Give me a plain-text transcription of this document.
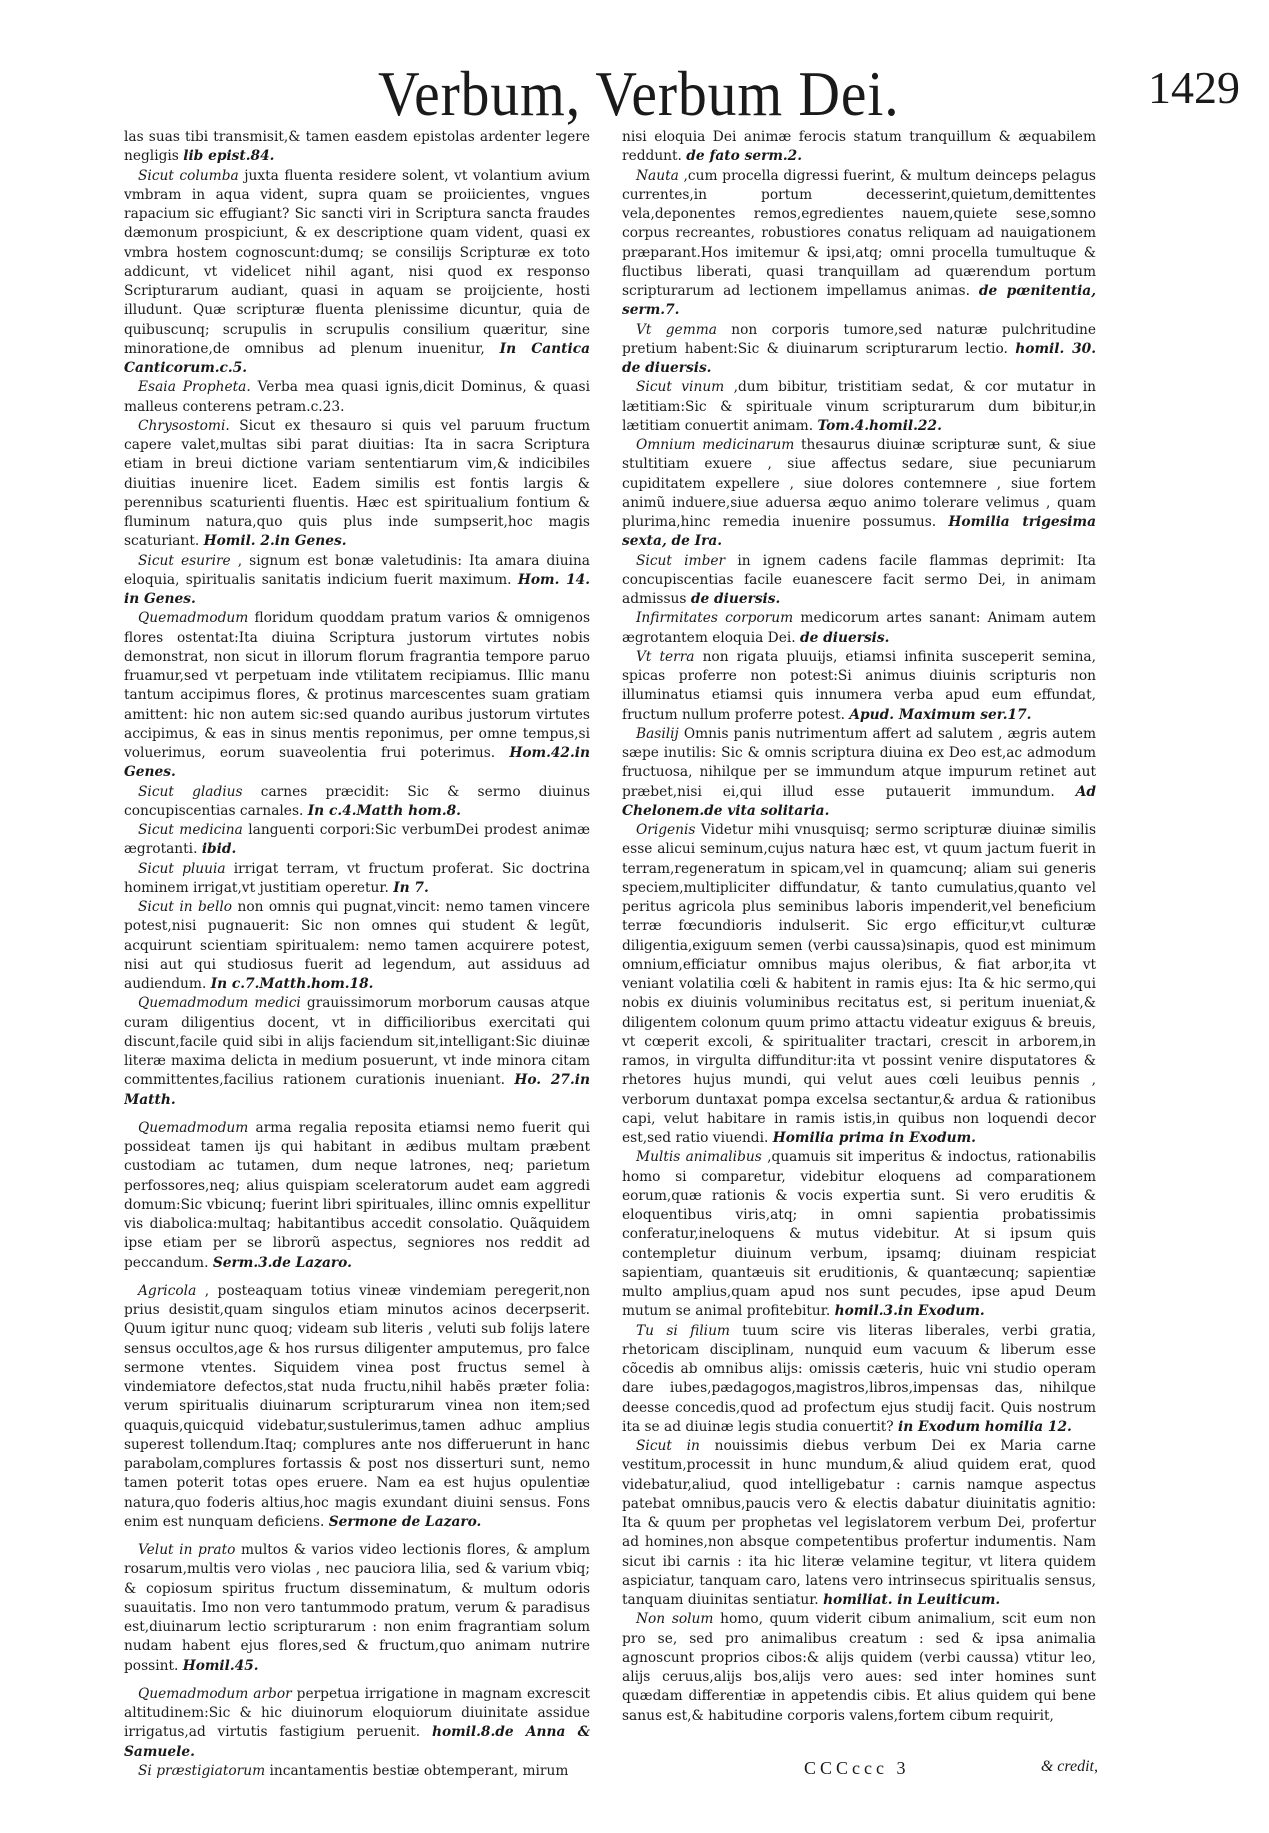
Verbum, Verbum Dei.	1429

las suas tibi transmisit,& tamen easdem epistolas ardenter legere negligis lib epist.84.

Sicut columba juxta fluenta residere solent, vt volantium avium vmbram in aqua vident, supra quam se proiicientes, vngues rapacium sic effugiant? Sic sancti viri in Scriptura sancta fraudes dæmonum prospiciunt, & ex descriptione quam vident, quasi ex vmbra hostem cognoscunt:dumq; se consilijs Scripturæ ex toto addicunt, vt videlicet nihil agant, nisi quod ex responso Scripturarum audiant, quasi in aquam se proijciente, hosti illudunt. Quæ scripturæ fluenta plenissime dicuntur, quia de quibuscunq; scrupulis in scrupulis consilium quæritur, sine minoratione,de omnibus ad plenum inuenitur, In Cantica Canticorum.c.5.

Esaia Propheta. Verba mea quasi ignis,dicit Dominus, & quasi malleus conterens petram.c.23.

Chrysostomi. Sicut ex thesauro si quis vel paruum fructum capere valet,multas sibi parat diuitias: Ita in sacra Scriptura etiam in breui dictione variam sententiarum vim,& indicibiles diuitias inuenire licet. Eadem similis est fontis largis & perennibus scaturienti fluentis. Hæc est spiritualium fontium & fluminum natura,quo quis plus inde sumpserit,hoc magis scaturiant. Homil. 2.in Genes.

Sicut esurire , signum est bonæ valetudinis: Ita amara diuina eloquia, spiritualis sanitatis indicium fuerit maximum. Hom. 14. in Genes.

Quemadmodum floridum quoddam pratum varios & omnigenos flores ostentat:Ita diuina Scriptura justorum virtutes nobis demonstrat, non sicut in illorum florum fragrantia tempore paruo fruamur,sed vt perpetuam inde vtilitatem recipiamus. Illic manu tantum accipimus flores, & protinus marcescentes suam gratiam amittent: hic non autem sic:sed quando auribus justorum virtutes accipimus, & eas in sinus mentis reponimus, per omne tempus,si voluerimus, eorum suaveolentia frui poterimus. Hom.42.in Genes.

Sicut gladius carnes præcidit: Sic & sermo diuinus concupiscentias carnales. In c.4.Matth hom.8.

Sicut medicina languenti corpori:Sic verbumDei prodest animæ ægrotanti. ibid.

Sicut pluuia irrigat terram, vt fructum proferat. Sic doctrina hominem irrigat,vt justitiam operetur. In 7.

Sicut in bello non omnis qui pugnat,vincit: nemo tamen vincere potest,nisi pugnauerit: Sic non omnes qui student & legũt, acquirunt scientiam spiritualem: nemo tamen acquirere potest, nisi aut qui studiosus fuerit ad legendum, aut assiduus ad audiendum. In c.7.Matth.hom.18.

Quemadmodum medici grauissimorum morborum causas atque curam diligentius docent, vt in difficilioribus exercitati qui discunt,facile quid sibi in alijs faciendum sit,intelligant:Sic diuinæ literæ maxima delicta in medium posuerunt, vt inde minora citam committentes,facilius rationem curationis inueniant. Ho. 27.in Matth.

Quemadmodum arma regalia reposita etiamsi nemo fuerit qui possideat tamen ijs qui habitant in ædibus multam præbent custodiam ac tutamen, dum neque latrones, neq; parietum perfossores,neq; alius quispiam sceleratorum audet eam aggredi domum:Sic vbicunq; fuerint libri spirituales, illinc omnis expellitur vis diabolica:multaq; habitantibus accedit consolatio. Quãquidem ipse etiam per se librorũ aspectus, segniores nos reddit ad peccandum. Serm.3.de Lazaro.

Agricola , posteaquam totius vineæ vindemiam peregerit,non prius desistit,quam singulos etiam minutos acinos decerpserit. Quum igitur nunc quoq; videam sub literis , veluti sub folijs latere sensus occultos,age & hos rursus diligenter amputemus, pro falce sermone vtentes. Siquidem vinea post fructus semel à vindemiatore defectos,stat nuda fructu,nihil habẽs præter folia: verum spiritualis diuinarum scripturarum vinea non item;sed quaquis,quicquid videbatur,sustulerimus,tamen adhuc amplius superest tollendum.Itaq; complures ante nos differuerunt in hanc parabolam,complures fortassis & post nos disserturi sunt, nemo tamen poterit totas opes eruere. Nam ea est hujus opulentiæ natura,quo foderis altius,hoc magis exundant diuini sensus. Fons enim est nunquam deficiens. Sermone de Lazaro.

Velut in prato multos & varios video lectionis flores, & amplum rosarum,multis vero violas , nec pauciora lilia, sed & varium vbiq; & copiosum spiritus fructum disseminatum, & multum odoris suauitatis. Imo non vero tantummodo pratum, verum & paradisus est,diuinarum lectio scripturarum : non enim fragrantiam solum nudam habent ejus flores,sed & fructum,quo animam nutrire possint. Homil.45.

Quemadmodum arbor perpetua irrigatione in magnam excrescit altitudinem:Sic & hic diuinorum eloquiorum diuinitate assidue irrigatus,ad virtutis fastigium peruenit. homil.8.de Anna & Samuele.

Si præstigiatorum incantamentis bestiæ obtemperant, mirum

nisi eloquia Dei animæ ferocis statum tranquillum & æquabilem reddunt. de fato serm.2.

Nauta ,cum procella digressi fuerint, & multum deinceps pelagus currentes,in portum decesserint,quietum,demittentes vela,deponentes remos,egredientes nauem,quiete sese,somno corpus recreantes, robustiores conatus reliquam ad nauigationem præparant.Hos imitemur & ipsi,atq; omni procella tumultuque & fluctibus liberati, quasi tranquillam ad quærendum portum scripturarum ad lectionem impellamus animas. de pœnitentia, serm.7.

Vt gemma non corporis tumore,sed naturæ pulchritudine pretium habent:Sic & diuinarum scripturarum lectio. homil. 30. de diuersis.

Sicut vinum ,dum bibitur, tristitiam sedat, & cor mutatur in lætitiam:Sic & spirituale vinum scripturarum dum bibitur,in lætitiam conuertit animam. Tom.4.homil.22.

Omnium medicinarum thesaurus diuinæ scripturæ sunt, & siue stultitiam exuere , siue affectus sedare, siue pecuniarum cupiditatem expellere , siue dolores contemnere , siue fortem animũ induere,siue aduersa æquo animo tolerare velimus , quam plurima,hinc remedia inuenire possumus. Homilia trigesima sexta, de Ira.

Sicut imber in ignem cadens facile flammas deprimit: Ita concupiscentias facile euanescere facit sermo Dei, in animam admissus de diuersis.

Infirmitates corporum medicorum artes sanant: Animam autem ægrotantem eloquia Dei. de diuersis.

Vt terra non rigata pluuijs, etiamsi infinita susceperit semina, spicas proferre non potest:Si animus diuinis scripturis non illuminatus etiamsi quis innumera verba apud eum effundat, fructum nullum proferre potest. Apud. Maximum ser.17.

Basilij Omnis panis nutrimentum affert ad salutem , ægris autem sæpe inutilis: Sic & omnis scriptura diuina ex Deo est,ac admodum fructuosa, nihilque per se immundum atque impurum retinet aut præbet,nisi ei,qui illud esse putauerit immundum. Ad Chelonem.de vita solitaria.

Origenis Videtur mihi vnusquisq; sermo scripturæ diuinæ similis esse alicui seminum,cujus natura hæc est, vt quum jactum fuerit in terram,regeneratum in spicam,vel in quamcunq; aliam sui generis speciem,multipliciter diffundatur, & tanto cumulatius,quanto vel peritus agricola plus seminibus laboris impenderit,vel beneficium terræ fœcundioris indulserit. Sic ergo efficitur,vt culturæ diligentia,exiguum semen (verbi caussa)sinapis, quod est minimum omnium,efficiatur omnibus majus oleribus, & fiat arbor,ita vt veniant volatilia cœli & habitent in ramis ejus: Ita & hic sermo,qui nobis ex diuinis voluminibus recitatus est, si peritum inueniat,& diligentem colonum quum primo attactu videatur exiguus & breuis, vt cœperit excoli, & spiritualiter tractari, crescit in arborem,in ramos, in virgulta diffunditur:ita vt possint venire disputatores & rhetores hujus mundi, qui velut aues cœli leuibus pennis , verborum duntaxat pompa excelsa sectantur,& ardua & rationibus capi, velut habitare in ramis istis,in quibus non loquendi decor est,sed ratio viuendi. Homilia prima in Exodum.

Multis animalibus ,quamuis sit imperitus & indoctus, rationabilis homo si comparetur, videbitur eloquens ad comparationem eorum,quæ rationis & vocis expertia sunt. Si vero eruditis & eloquentibus viris,atq; in omni sapientia probatissimis conferatur,ineloquens & mutus videbitur. At si ipsum quis contempletur diuinum verbum, ipsamq; diuinam respiciat sapientiam, quantæuis sit eruditionis, & quantæcunq; sapientiæ multo amplius,quam apud nos sunt pecudes, ipse apud Deum mutum se animal profitebitur. homil.3.in Exodum.

Tu si filium tuum scire vis literas liberales, verbi gratia, rhetoricam disciplinam, nunquid eum vacuum & liberum esse cõcedis ab omnibus alijs: omissis cæteris, huic vni studio operam dare iubes,pædagogos,magistros,libros,impensas das, nihilque deesse concedis,quod ad profectum ejus studij facit. Quis nostrum ita se ad diuinæ legis studia conuertit? in Exodum homilia 12.

Sicut in nouissimis diebus verbum Dei ex Maria carne vestitum,processit in hunc mundum,& aliud quidem erat, quod videbatur,aliud, quod intelligebatur : carnis namque aspectus patebat omnibus,paucis vero & electis dabatur diuinitatis agnitio: Ita & quum per prophetas vel legislatorem verbum Dei, profertur ad homines,non absque competentibus profertur indumentis. Nam sicut ibi carnis : ita hic literæ velamine tegitur, vt litera quidem aspiciatur, tanquam caro, latens vero intrinsecus spiritualis sensus, tanquam diuinitas sentiatur. homiliat. in Leuiticum.

Non solum homo, quum viderit cibum animalium, scit eum non pro se, sed pro animalibus creatum : sed & ipsa animalia agnoscunt proprios cibos:& alijs quidem (verbi caussa) vtitur leo, alijs ceruus,alijs bos,alijs vero aues: sed inter homines sunt quædam differentiæ in appetendis cibis. Et alius quidem qui bene sanus est,& habitudine corporis valens,fortem cibum requirit,

CCCccc 3	& credit,
